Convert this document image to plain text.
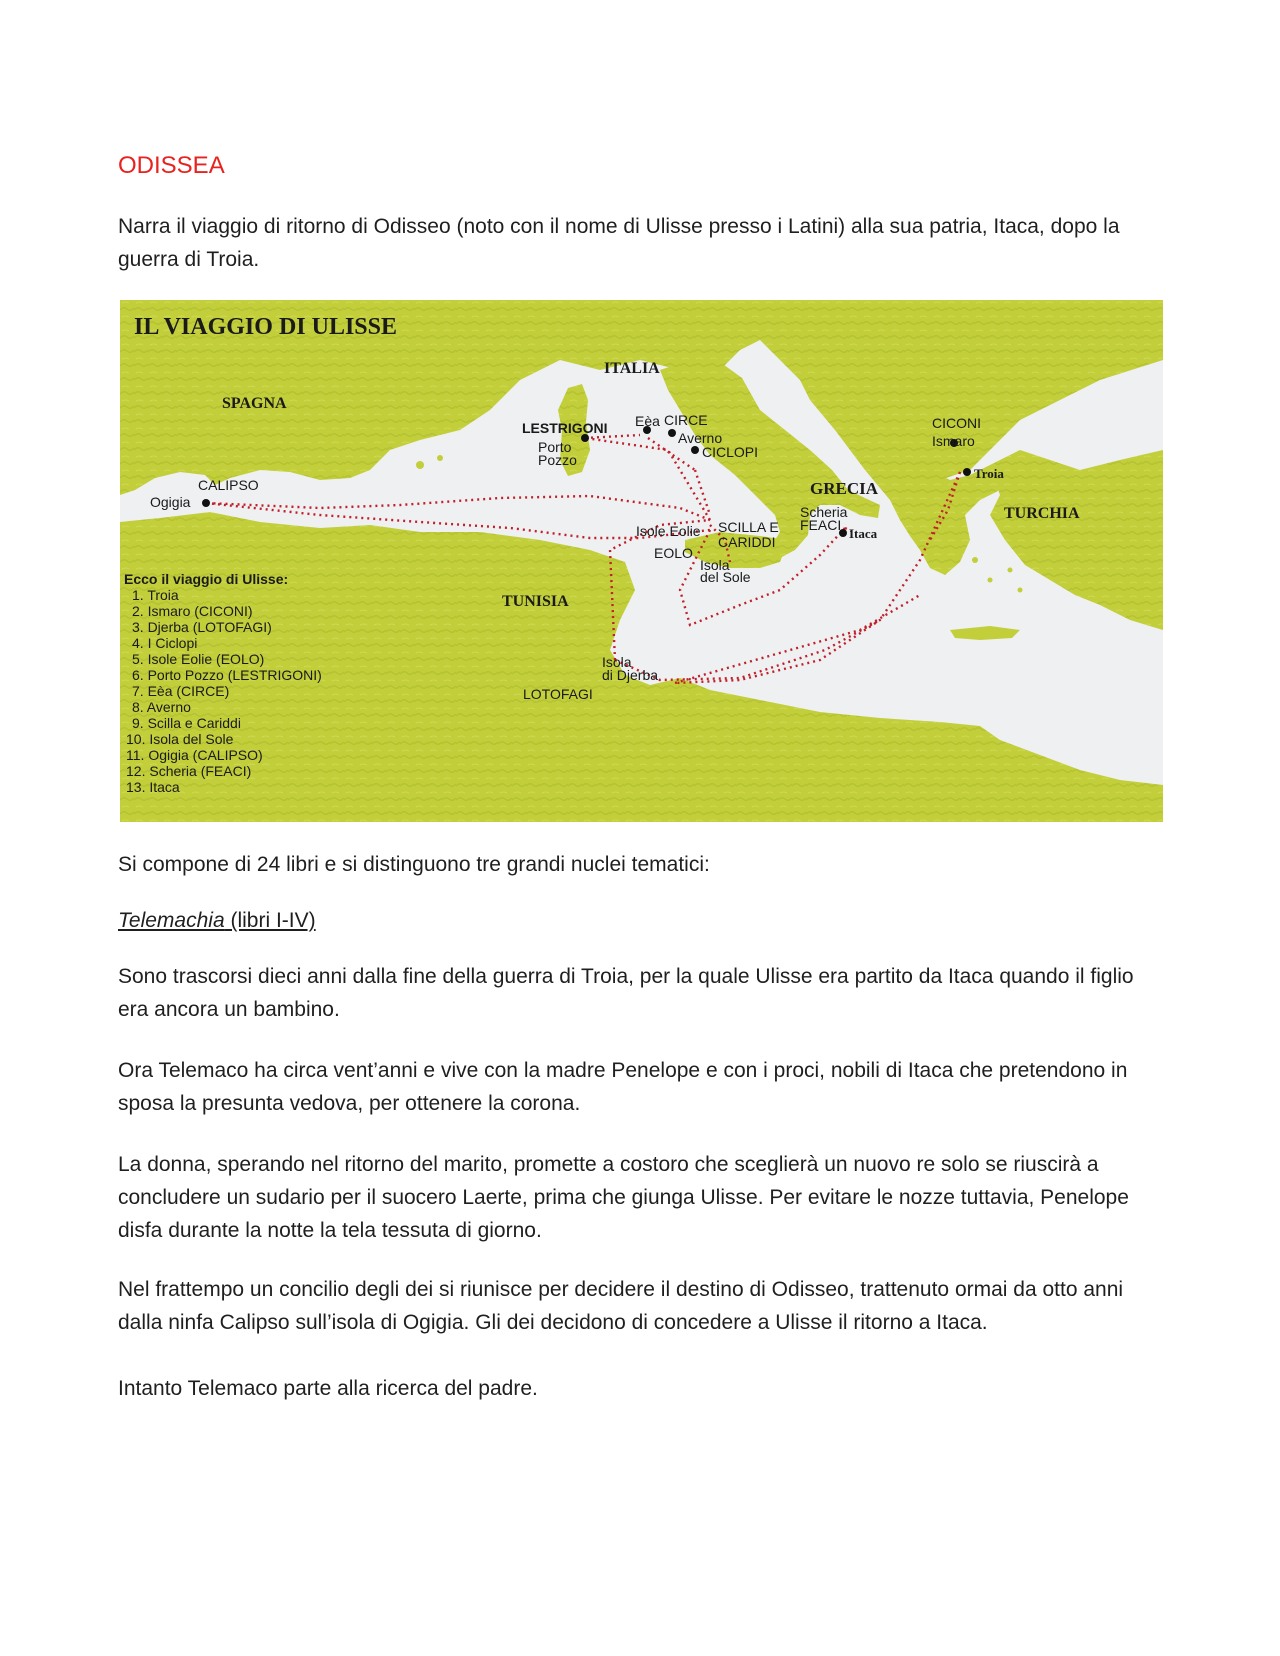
ODISSEA

Narra il viaggio di ritorno di Odisseo (noto con il nome di Ulisse presso i Latini) alla sua patria, Itaca, dopo la guerra di Troia.

IL VIAGGIO DI ULISSE
SPAGNA
ITALIA
GRECIA
TURCHIA
TUNISIA
LESTRIGONI
Porto
Pozzo
Eèa CIRCE
Averno
CICLOPI
CICONI
Ismaro
Troia
CALIPSO
Ogigia
Isole Eolie SCILLA E
CARIDDI
Scheria
FEACI
Itaca
EOLO
Isola
del Sole
Isola
di Djerba
LOTOFAGI
Ecco il viaggio di Ulisse:
1. Troia
2. Ismaro (CICONI)
3. Djerba (LOTOFAGI)
4. I Ciclopi
5. Isole Eolie (EOLO)
6. Porto Pozzo (LESTRIGONI)
7. Eèa (CIRCE)
8. Averno
9. Scilla e Cariddi
10. Isola del Sole
11. Ogigia (CALIPSO)
12. Scheria (FEACI)
13. Itaca

Si compone di 24 libri e si distinguono tre grandi nuclei tematici:

Telemachia (libri I-IV)

Sono trascorsi dieci anni dalla fine della guerra di Troia, per la quale Ulisse era partito da Itaca quando il figlio era ancora un bambino.

Ora Telemaco ha circa vent’anni e vive con la madre Penelope e con i proci, nobili di Itaca che pretendono in sposa la presunta vedova, per ottenere la corona.

La donna, sperando nel ritorno del marito, promette a costoro che sceglierà un nuovo re solo se riuscirà a concludere un sudario per il suocero Laerte, prima che giunga Ulisse. Per evitare le nozze tuttavia, Penelope disfa durante la notte la tela tessuta di giorno.

Nel frattempo un concilio degli dei si riunisce per decidere il destino di Odisseo, trattenuto ormai da otto anni dalla ninfa Calipso sull’isola di Ogigia. Gli dei decidono di concedere a Ulisse il ritorno a Itaca.

Intanto Telemaco parte alla ricerca del padre.
